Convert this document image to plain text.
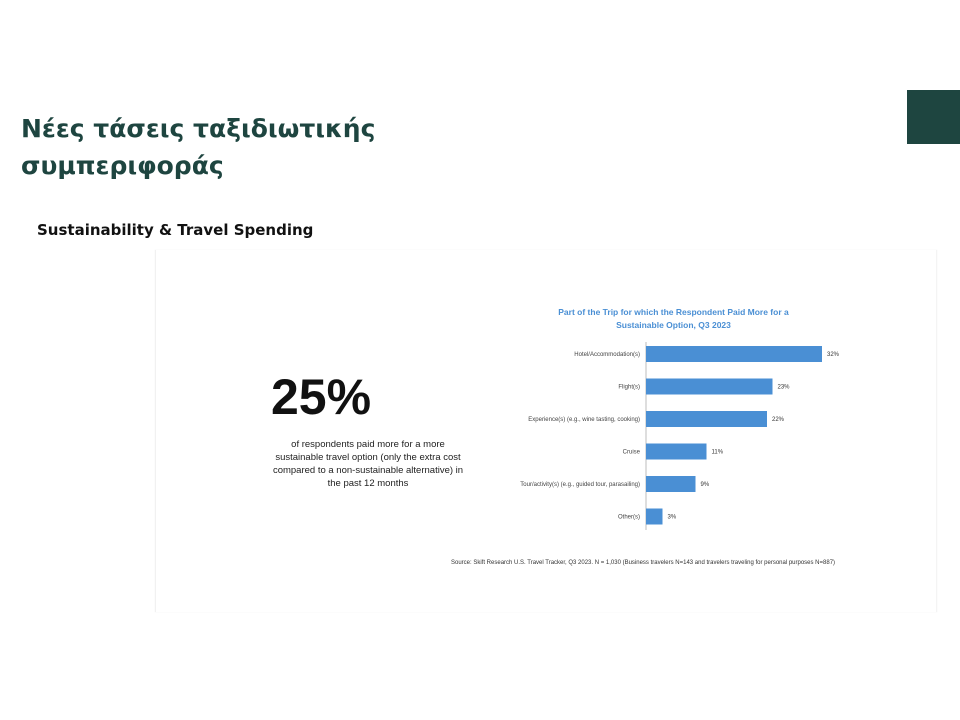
Νέες τάσεις ταξιδιωτικής συμπεριφοράς
Sustainability & Travel Spending
25%

of respondents paid more for a more sustainable travel option (only the extra cost compared to a non-sustainable alternative) in the past 12 months

Part of the Trip for which the Respondent Paid More for a Sustainable Option, Q3 2023

Hotel/Accommodation(s)	32%
Flight(s)	23%
Experience(s) (e.g., wine tasting, cooking)	22%
Cruise	11%
Tour/activity(s) (e.g., guided tour, parasailing)	9%
Other(s)	3%

Source: Skift Research U.S. Travel Tracker, Q3 2023. N = 1,030 (Business travelers N=143 and travelers traveling for personal purposes N=887)
